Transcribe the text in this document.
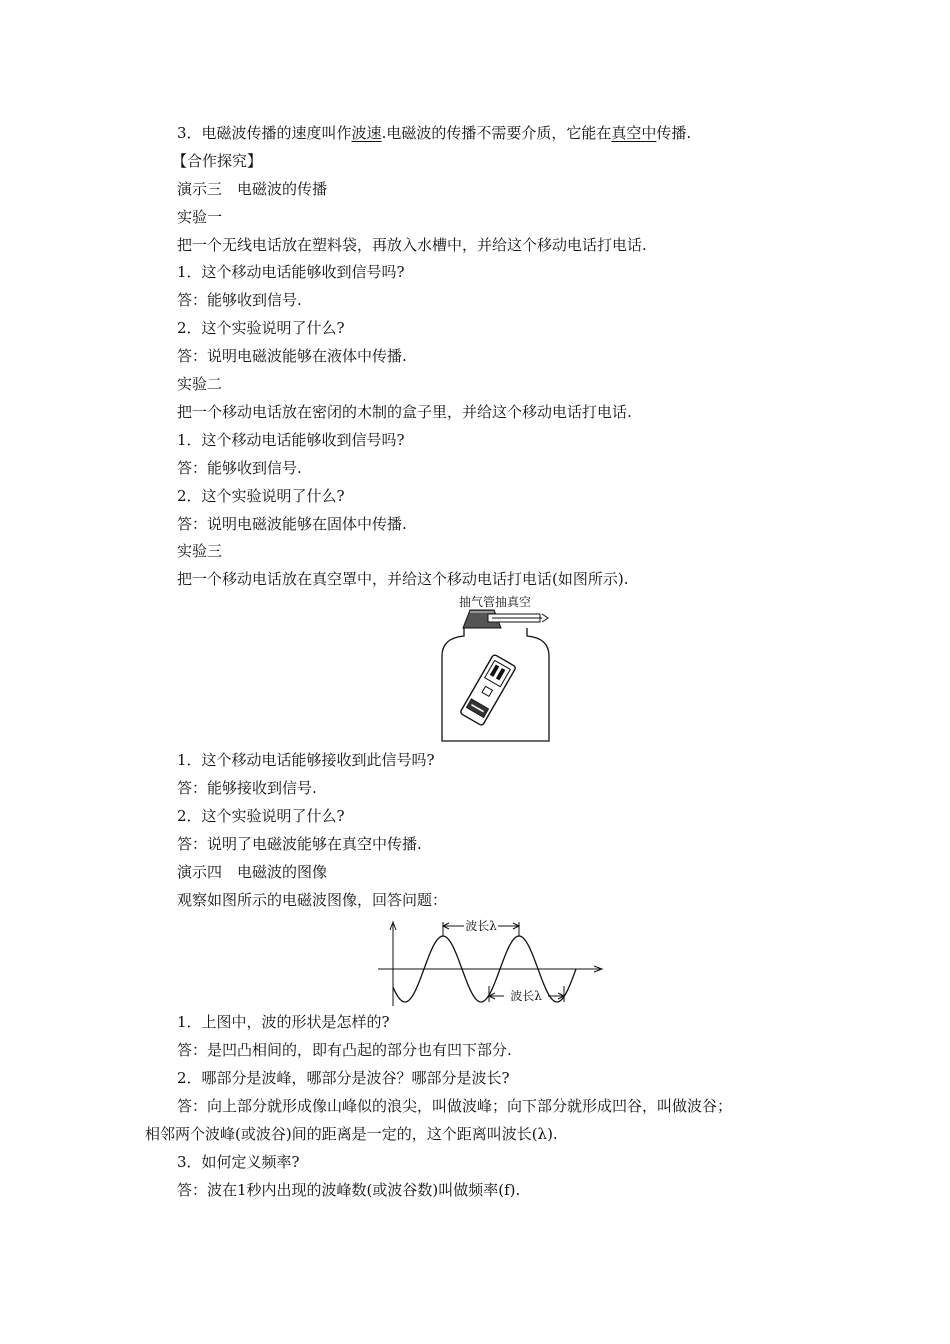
3．电磁波传播的速度叫作波速.电磁波的传播不需要介质，它能在真空中传播.
【合作探究】
演示三　电磁波的传播
实验一
把一个无线电话放在塑料袋，再放入水槽中，并给这个移动电话打电话.
1．这个移动电话能够收到信号吗?
答：能够收到信号.
2．这个实验说明了什么?
答：说明电磁波能够在液体中传播.
实验二
把一个移动电话放在密闭的木制的盒子里，并给这个移动电话打电话.
1．这个移动电话能够收到信号吗?
答：能够收到信号.
2．这个实验说明了什么?
答：说明电磁波能够在固体中传播.
实验三
把一个移动电话放在真空罩中，并给这个移动电话打电话(如图所示).
抽气管抽真空
1．这个移动电话能够接收到此信号吗?
答：能够接收到信号.
2．这个实验说明了什么?
答：说明了电磁波能够在真空中传播.
演示四　电磁波的图像
观察如图所示的电磁波图像，回答问题：
波长λ
波长λ
1．上图中，波的形状是怎样的?
答：是凹凸相间的，即有凸起的部分也有凹下部分.
2．哪部分是波峰，哪部分是波谷？哪部分是波长?
答：向上部分就形成像山峰似的浪尖，叫做波峰；向下部分就形成凹谷，叫做波谷；
相邻两个波峰(或波谷)间的距离是一定的，这个距离叫波长(λ).
3．如何定义频率?
答：波在1秒内出现的波峰数(或波谷数)叫做频率(f).
